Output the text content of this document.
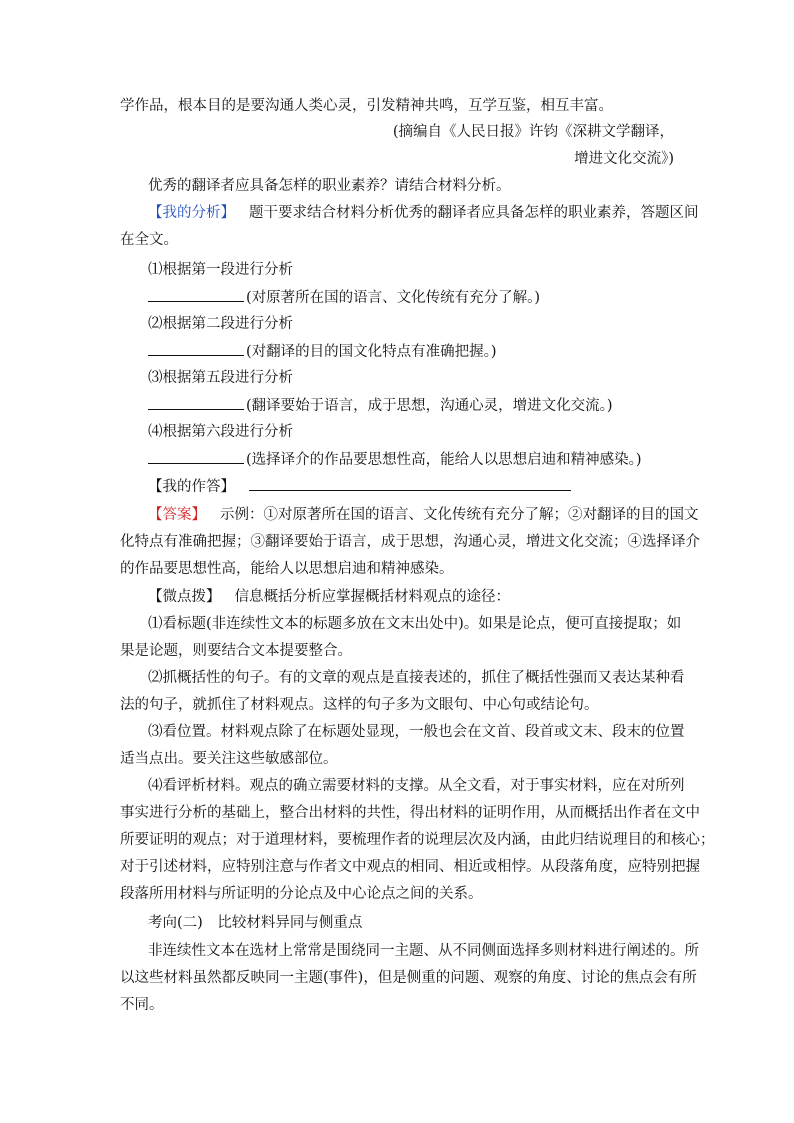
学作品，根本目的是要沟通人类心灵，引发精神共鸣，互学互鉴，相互丰富。
(摘编自《人民日报》许钧《深耕文学翻译，
增进文化交流》)
优秀的翻译者应具备怎样的职业素养？请结合材料分析。
【我的分析】 题干要求结合材料分析优秀的翻译者应具备怎样的职业素养，答题区间
在全文。
⑴根据第一段进行分析
(对原著所在国的语言、文化传统有充分了解。)
⑵根据第二段进行分析
(对翻译的目的国文化特点有准确把握。)
⑶根据第五段进行分析
(翻译要始于语言，成于思想，沟通心灵，增进文化交流。)
⑷根据第六段进行分析
(选择译介的作品要思想性高，能给人以思想启迪和精神感染。)
【我的作答】
【答案】 示例：①对原著所在国的语言、文化传统有充分了解；②对翻译的目的国文
化特点有准确把握；③翻译要始于语言，成于思想，沟通心灵，增进文化交流；④选择译介
的作品要思想性高，能给人以思想启迪和精神感染。
【微点拨】 信息概括分析应掌握概括材料观点的途径：
⑴看标题(非连续性文本的标题多放在文末出处中)。如果是论点，便可直接提取；如
果是论题，则要结合文本提要整合。
⑵抓概括性的句子。有的文章的观点是直接表述的，抓住了概括性强而又表达某种看
法的句子，就抓住了材料观点。这样的句子多为文眼句、中心句或结论句。
⑶看位置。材料观点除了在标题处显现，一般也会在文首、段首或文末、段末的位置
适当点出。要关注这些敏感部位。
⑷看评析材料。观点的确立需要材料的支撑。从全文看，对于事实材料，应在对所列
事实进行分析的基础上，整合出材料的共性，得出材料的证明作用，从而概括出作者在文中
所要证明的观点；对于道理材料，要梳理作者的说理层次及内涵，由此归结说理目的和核心；
对于引述材料，应特别注意与作者文中观点的相同、相近或相悖。从段落角度，应特别把握
段落所用材料与所证明的分论点及中心论点之间的关系。
考向(二)　比较材料异同与侧重点
非连续性文本在选材上常常是围绕同一主题、从不同侧面选择多则材料进行阐述的。所
以这些材料虽然都反映同一主题(事件)，但是侧重的问题、观察的角度、讨论的焦点会有所
不同。
